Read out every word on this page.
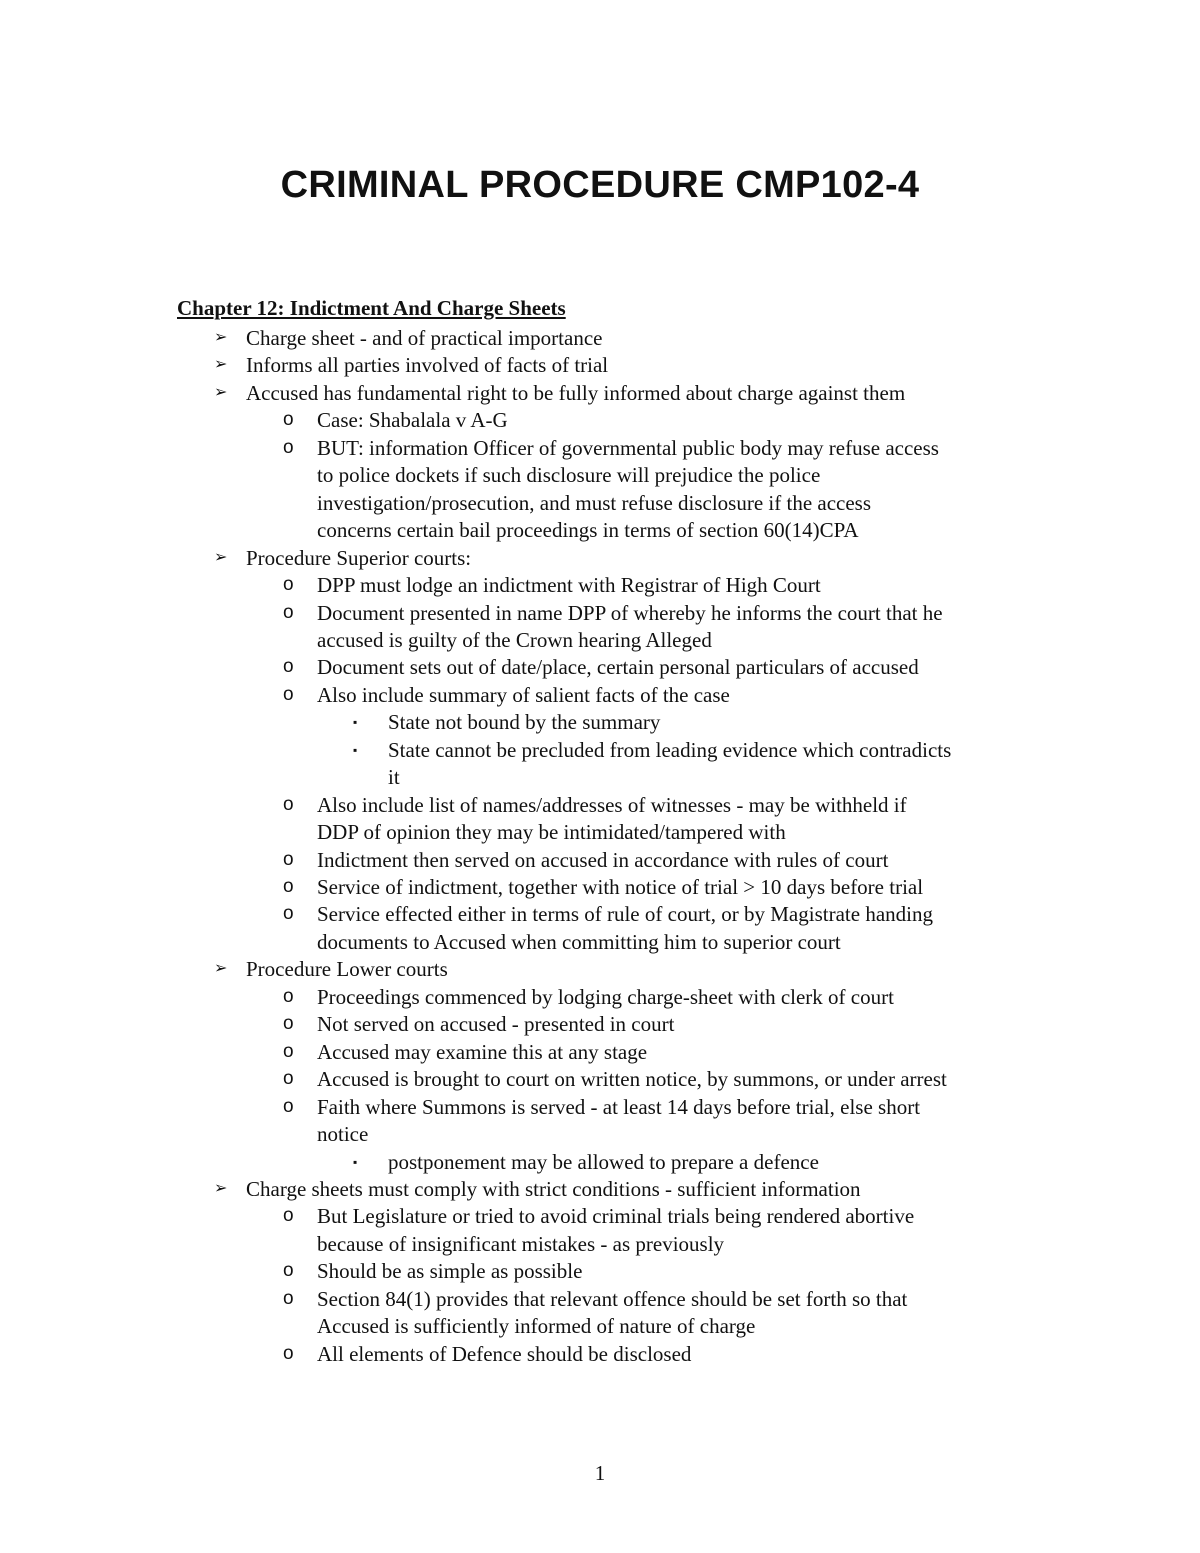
CRIMINAL PROCEDURE CMP102-4
Chapter 12: Indictment And Charge Sheets
➢ Charge sheet - and of practical importance
➢ Informs all parties involved of facts of trial
➢ Accused has fundamental right to be fully informed about charge against them
o Case: Shabalala v A-G
o BUT: information Officer of governmental public body may refuse access
to police dockets if such disclosure will prejudice the police
investigation/prosecution, and must refuse disclosure if the access
concerns certain bail proceedings in terms of section 60(14)CPA
➢ Procedure Superior courts:
o DPP must lodge an indictment with Registrar of High Court
o Document presented in name DPP of whereby he informs the court that he
accused is guilty of the Crown hearing Alleged
o Document sets out of date/place, certain personal particulars of accused
o Also include summary of salient facts of the case
▪ State not bound by the summary
▪ State cannot be precluded from leading evidence which contradicts
it
o Also include list of names/addresses of witnesses - may be withheld if
DDP of opinion they may be intimidated/tampered with
o Indictment then served on accused in accordance with rules of court
o Service of indictment, together with notice of trial > 10 days before trial
o Service effected either in terms of rule of court, or by Magistrate handing
documents to Accused when committing him to superior court
➢ Procedure Lower courts
o Proceedings commenced by lodging charge-sheet with clerk of court
o Not served on accused - presented in court
o Accused may examine this at any stage
o Accused is brought to court on written notice, by summons, or under arrest
o Faith where Summons is served - at least 14 days before trial, else short
notice
▪ postponement may be allowed to prepare a defence
➢ Charge sheets must comply with strict conditions - sufficient information
o But Legislature or tried to avoid criminal trials being rendered abortive
because of insignificant mistakes - as previously
o Should be as simple as possible
o Section 84(1) provides that relevant offence should be set forth so that
Accused is sufficiently informed of nature of charge
o All elements of Defence should be disclosed
1
